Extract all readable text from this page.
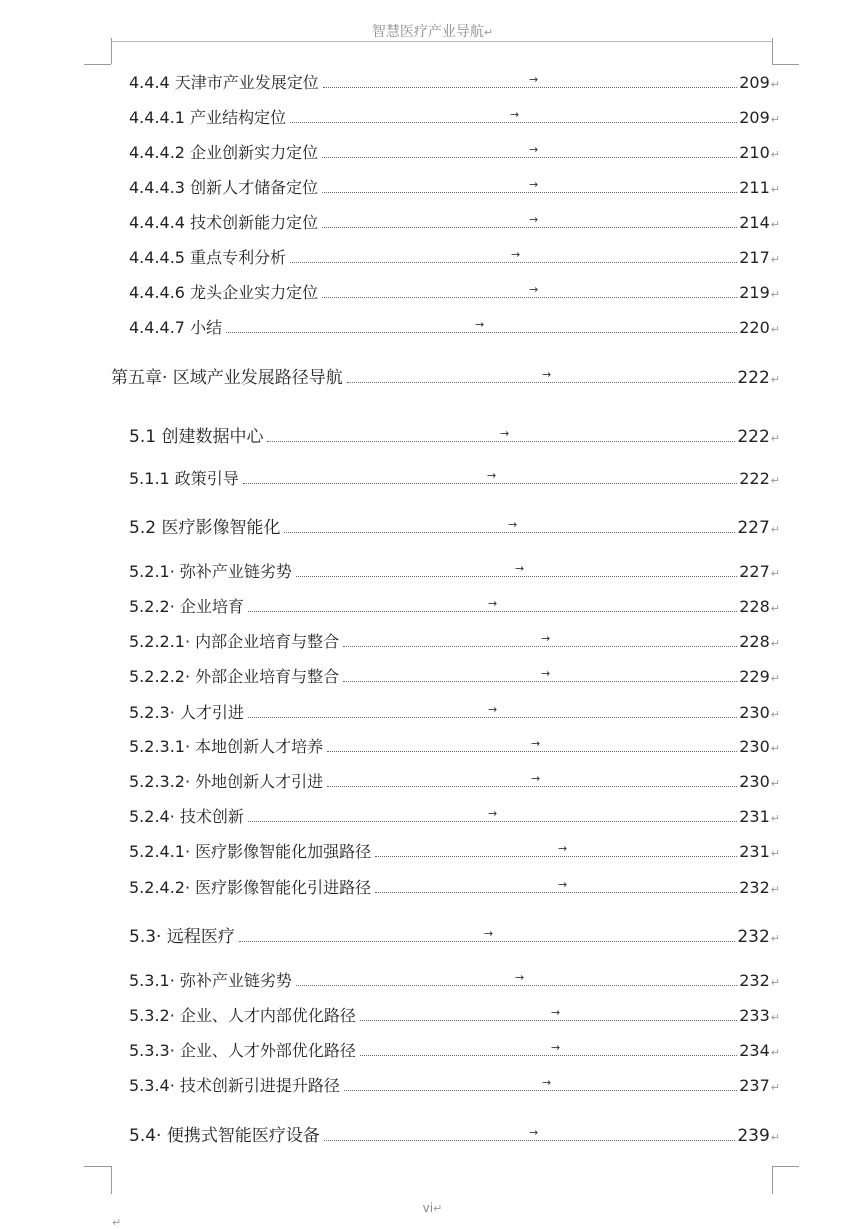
智慧医疗产业导航↵
4.4.4 天津市产业发展定位	→	209 ↵
4.4.4.1 产业结构定位	→	209 ↵
4.4.4.2 企业创新实力定位	→	210 ↵
4.4.4.3 创新人才储备定位	→	211 ↵
4.4.4.4 技术创新能力定位	→	214 ↵
4.4.4.5 重点专利分析	→	217 ↵
4.4.4.6 龙头企业实力定位	→	219 ↵
4.4.4.7 小结	→	220 ↵
第五章· 区域产业发展路径导航	→	222 ↵
5.1 创建数据中心	→	222 ↵
5.1.1 政策引导	→	222 ↵
5.2 医疗影像智能化	→	227 ↵
5.2.1· 弥补产业链劣势	→	227 ↵
5.2.2· 企业培育	→	228 ↵
5.2.2.1· 内部企业培育与整合	→	228 ↵
5.2.2.2· 外部企业培育与整合	→	229 ↵
5.2.3· 人才引进	→	230 ↵
5.2.3.1· 本地创新人才培养	→	230 ↵
5.2.3.2· 外地创新人才引进	→	230 ↵
5.2.4· 技术创新	→	231 ↵
5.2.4.1· 医疗影像智能化加强路径	→	231 ↵
5.2.4.2· 医疗影像智能化引进路径	→	232 ↵
5.3· 远程医疗	→	232 ↵
5.3.1· 弥补产业链劣势	→	232 ↵
5.3.2· 企业、人才内部优化路径	→	233 ↵
5.3.3· 企业、人才外部优化路径	→	234 ↵
5.3.4· 技术创新引进提升路径	→	237 ↵
5.4· 便携式智能医疗设备	→	239 ↵
vi↵
↵
